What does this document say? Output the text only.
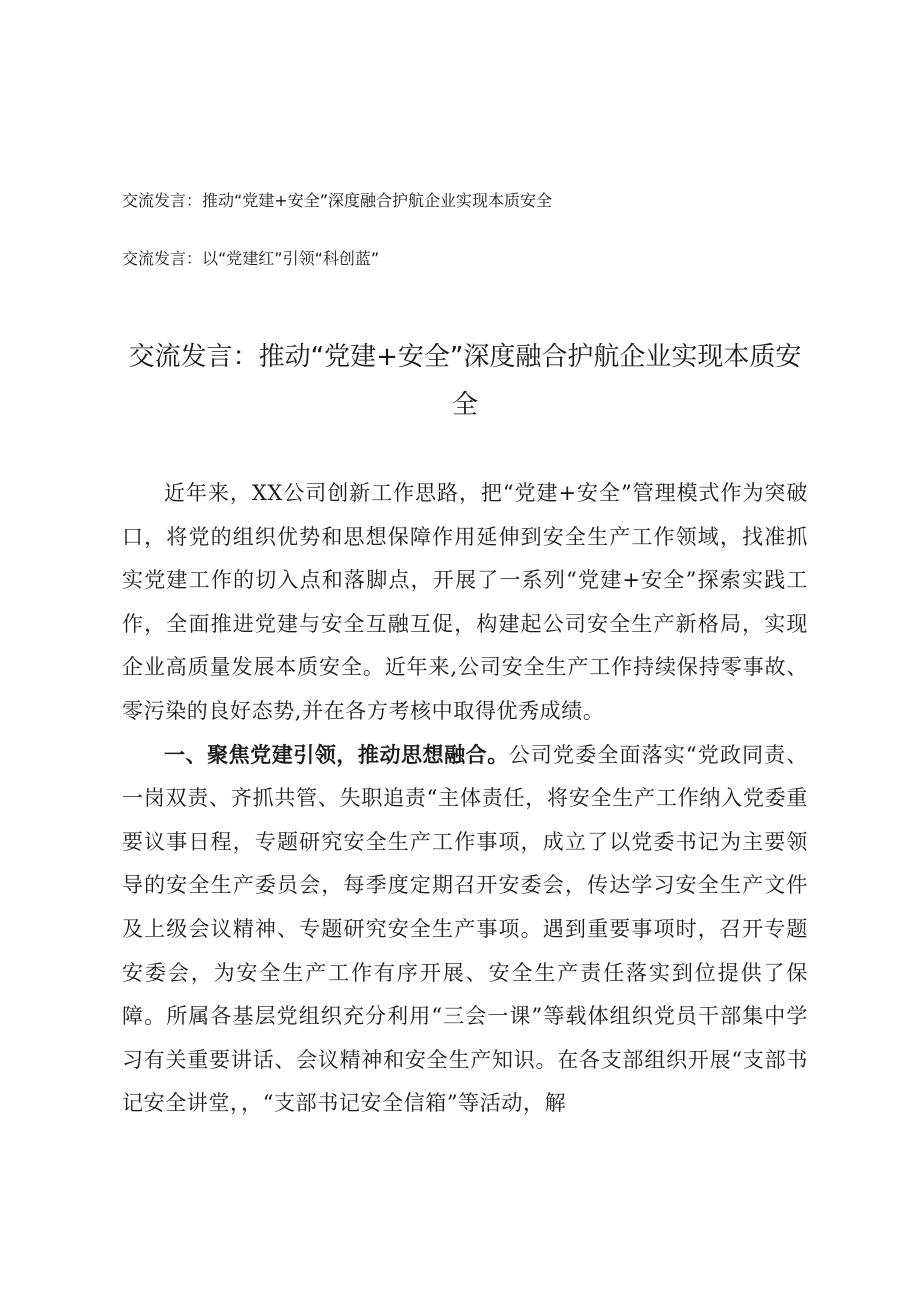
交流发言：推动“党建+安全”深度融合护航企业实现本质安全

交流发言：以“党建红”引领“科创蓝”

交流发言：推动“党建+安全”深度融合护航企业实现本质安全

近年来，XX公司创新工作思路，把“党建+安全”管理模式作为突破口，将党的组织优势和思想保障作用延伸到安全生产工作领域，找准抓实党建工作的切入点和落脚点，开展了一系列“党建+安全”探索实践工作，全面推进党建与安全互融互促，构建起公司安全生产新格局，实现企业高质量发展本质安全。近年来,公司安全生产工作持续保持零事故、零污染的良好态势,并在各方考核中取得优秀成绩。

一、聚焦党建引领，推动思想融合。公司党委全面落实“党政同责、一岗双责、齐抓共管、失职追责“主体责任，将安全生产工作纳入党委重要议事日程，专题研究安全生产工作事项，成立了以党委书记为主要领导的安全生产委员会，每季度定期召开安委会，传达学习安全生产文件及上级会议精神、专题研究安全生产事项。遇到重要事项时，召开专题安委会，为安全生产工作有序开展、安全生产责任落实到位提供了保障。所属各基层党组织充分利用“三会一课”等载体组织党员干部集中学习有关重要讲话、会议精神和安全生产知识。在各支部组织开展“支部书记安全讲堂，，“支部书记安全信箱”等活动，解
